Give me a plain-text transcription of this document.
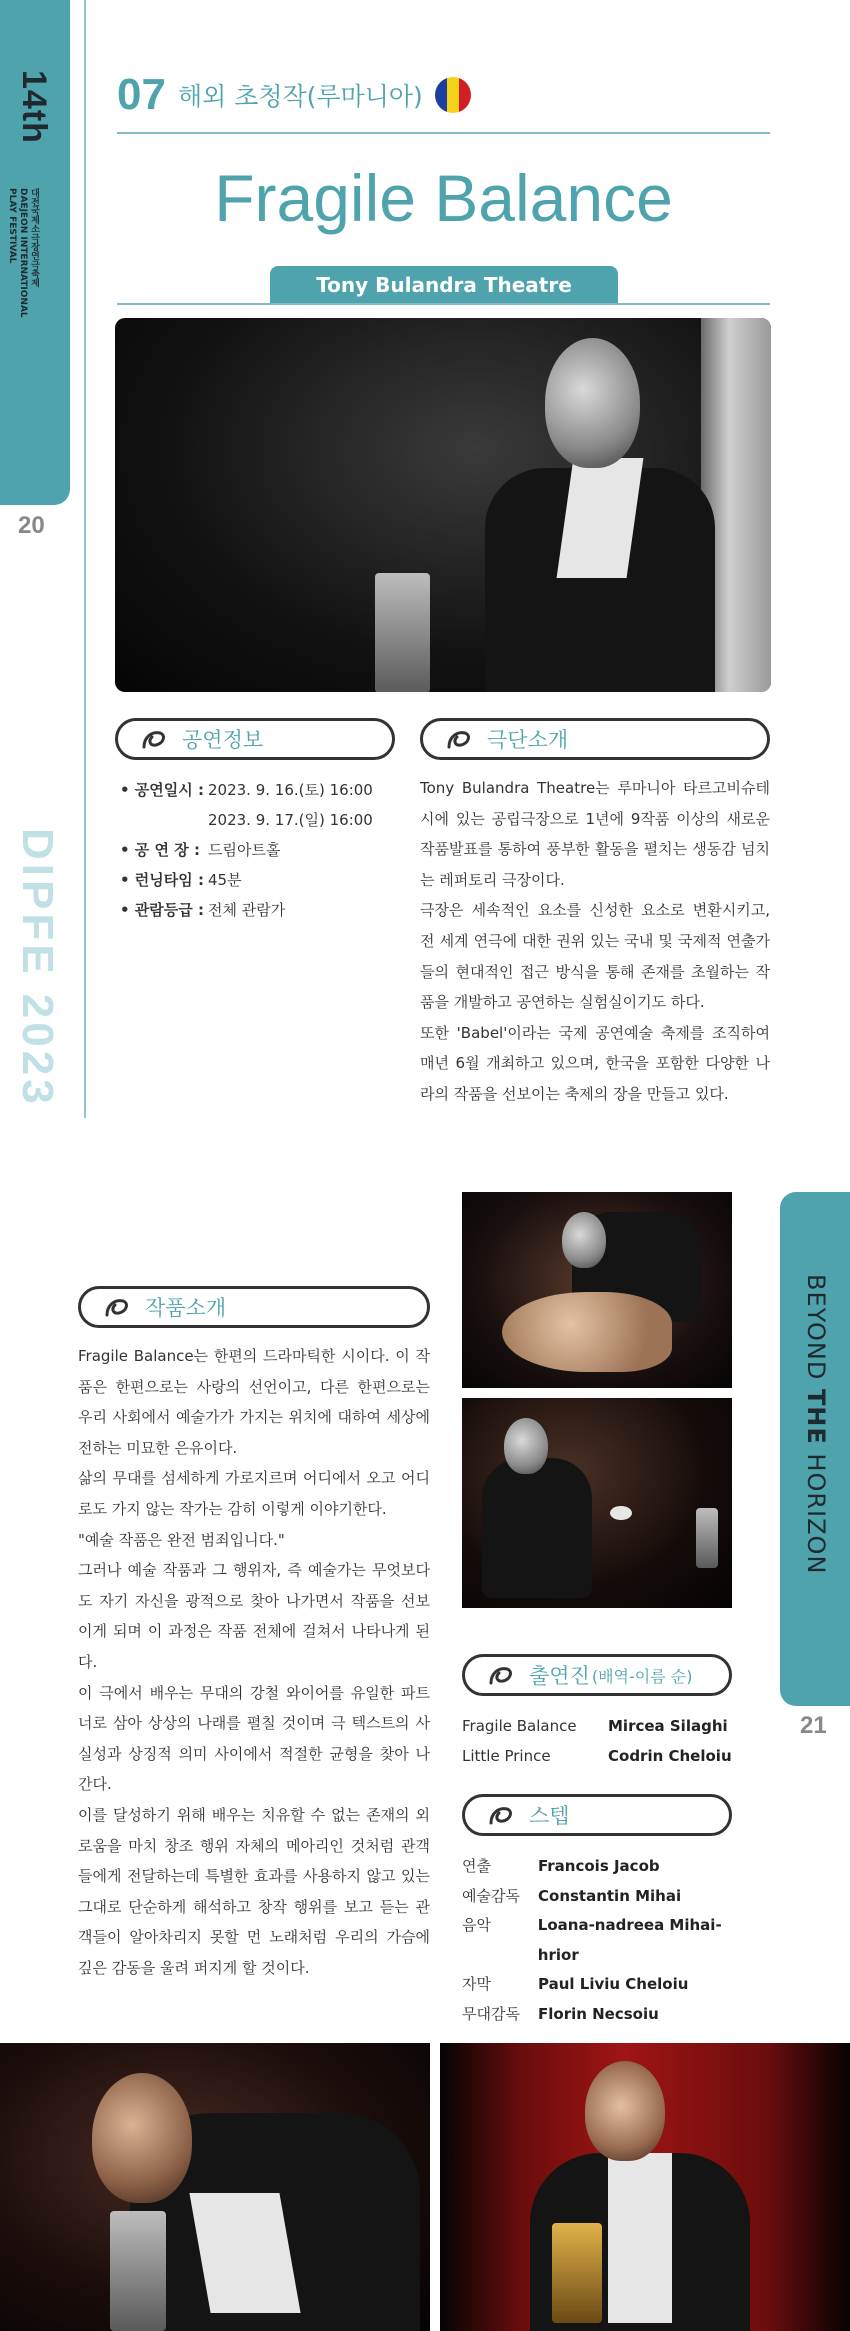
14th
대전국제소극장연극축제
DAEJEON INTERNATIONAL
PLAY FESTIVAL
20
DIPFE 2023
07 해외 초청작(루마니아)
Fragile Balance
Tony Bulandra Theatre
공연정보
• 공연일시 : 2023. 9. 16.(토) 16:00
2023. 9. 17.(일) 16:00
• 공 연 장 : 드림아트홀
• 런닝타임 : 45분
• 관람등급 : 전체 관람가
극단소개

Tony Bulandra Theatre는 루마니아 타르고비슈테 시에 있는 공립극장으로 1년에 9작품 이상의 새로운 작품발표를 통하여 풍부한 활동을 펼치는 생동감 넘치는 레퍼토리 극장이다.

극장은 세속적인 요소를 신성한 요소로 변환시키고, 전 세계 연극에 대한 권위 있는 국내 및 국제적 연출가들의 현대적인 접근 방식을 통해 존재를 초월하는 작품을 개발하고 공연하는 실험실이기도 하다.

또한 'Babel'이라는 국제 공연예술 축제를 조직하여 매년 6월 개최하고 있으며, 한국을 포함한 다양한 나라의 작품을 선보이는 축제의 장을 만들고 있다.

BEYOND THE HORIZON
21
작품소개

Fragile Balance는 한편의 드라마틱한 시이다. 이 작품은 한편으로는 사랑의 선언이고, 다른 한편으로는 우리 사회에서 예술가가 가지는 위치에 대하여 세상에 전하는 미묘한 은유이다.

삶의 무대를 섬세하게 가로지르며 어디에서 오고 어디로도 가지 않는 작가는 감히 이렇게 이야기한다.

"예술 작품은 완전 범죄입니다."

그러나 예술 작품과 그 행위자, 즉 예술가는 무엇보다도 자기 자신을 광적으로 찾아 나가면서 작품을 선보이게 되며 이 과정은 작품 전체에 걸쳐서 나타나게 된다.

이 극에서 배우는 무대의 강철 와이어를 유일한 파트너로 삼아 상상의 나래를 펼칠 것이며 극 텍스트의 사실성과 상징적 의미 사이에서 적절한 균형을 찾아 나간다.

이를 달성하기 위해 배우는 치유할 수 없는 존재의 외로움을 마치 창조 행위 자체의 메아리인 것처럼 관객들에게 전달하는데 특별한 효과를 사용하지 않고 있는 그대로 단순하게 해석하고 창작 행위를 보고 듣는 관객들이 알아차리지 못할 먼 노래처럼 우리의 가슴에 깊은 감동을 울려 퍼지게 할 것이다.

출연진 (배역-이름 순)
Fragile Balance	Mircea Silaghi
Little Prince	Codrin Cheloiu
스텝
연출	Francois Jacob
예술감독	Constantin Mihai
음악	Loana-nadreea Mihai-hrior
자막	Paul Liviu Cheloiu
무대감독	Florin Necsoiu
